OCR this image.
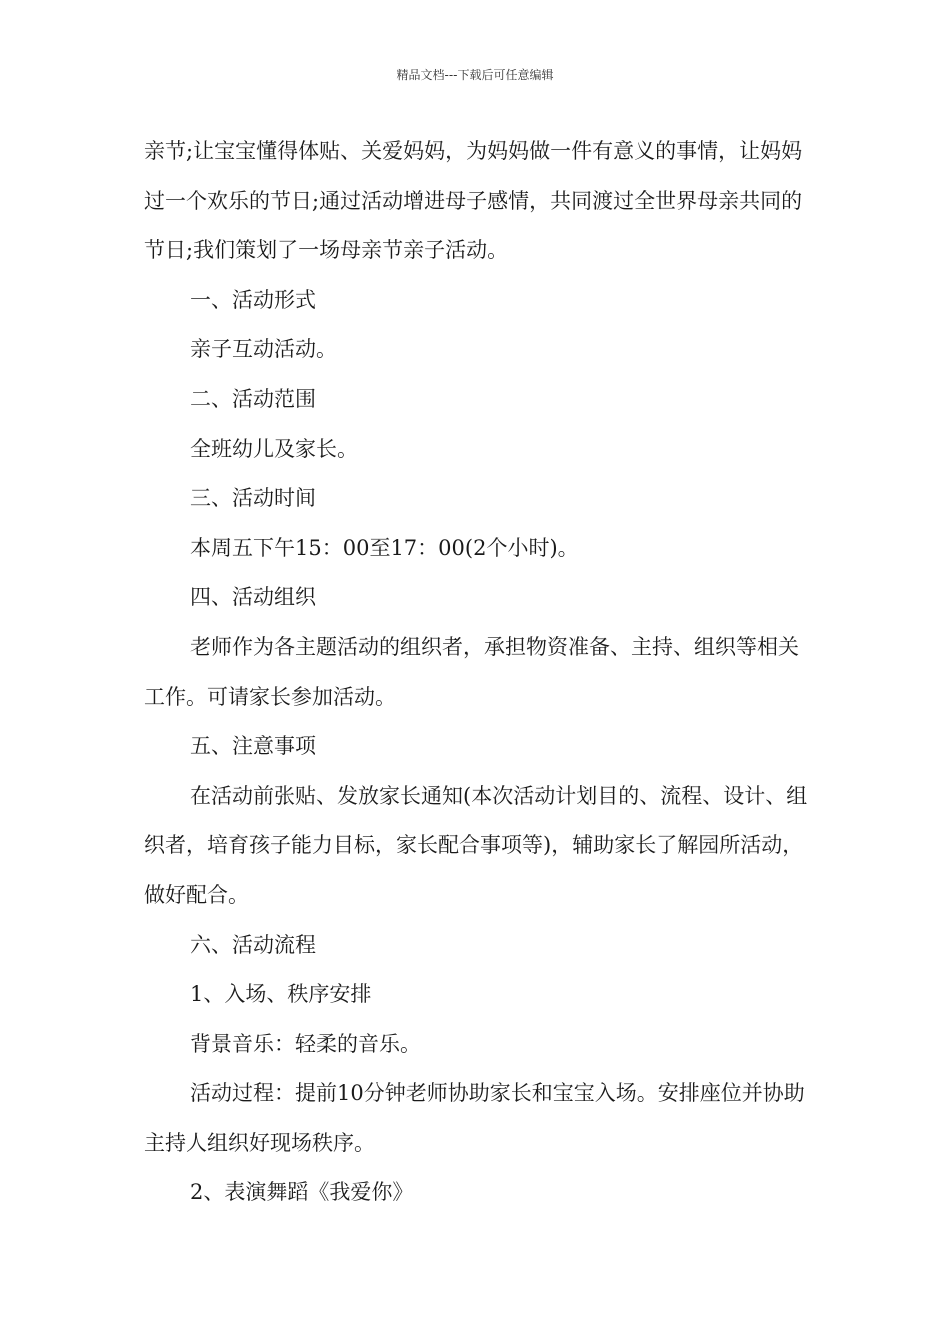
精品文档---下载后可任意编辑

亲节;让宝宝懂得体贴、关爱妈妈，为妈妈做一件有意义的事情，让妈妈过一个欢乐的节日;通过活动增进母子感情，共同渡过全世界母亲共同的节日;我们策划了一场母亲节亲子活动。

一、活动形式

亲子互动活动。

二、活动范围

全班幼儿及家长。

三、活动时间

本周五下午15：00至17：00(2个小时)。

四、活动组织

老师作为各主题活动的组织者，承担物资准备、主持、组织等相关工作。可请家长参加活动。

五、注意事项

在活动前张贴、发放家长通知(本次活动计划目的、流程、设计、组织者，培育孩子能力目标，家长配合事项等)，辅助家长了解园所活动，做好配合。

六、活动流程

1、入场、秩序安排

背景音乐：轻柔的音乐。

活动过程：提前10分钟老师协助家长和宝宝入场。安排座位并协助主持人组织好现场秩序。

2、表演舞蹈《我爱你》
